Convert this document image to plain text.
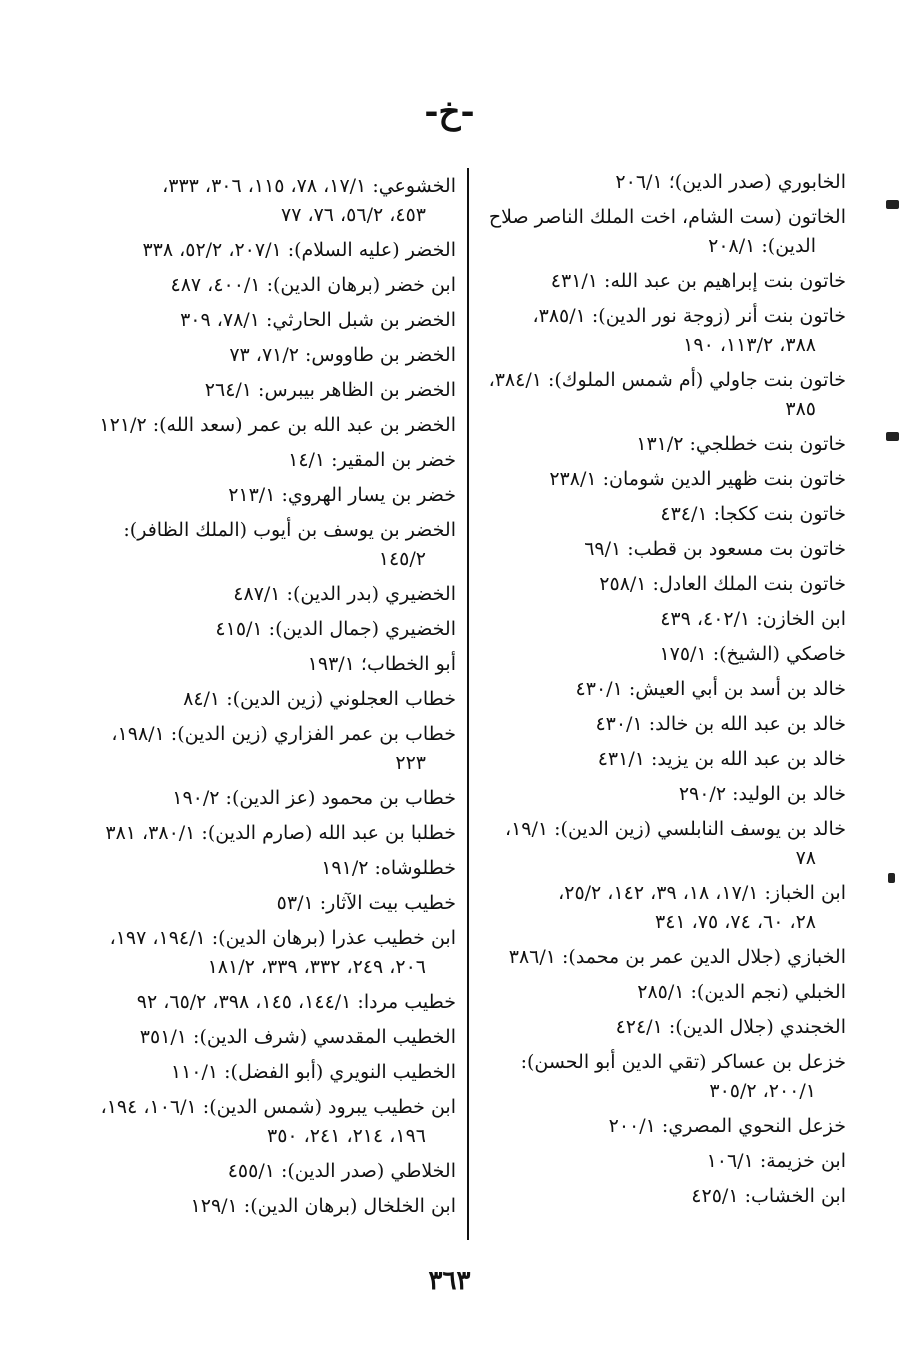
-خ-
الخابوري (صدر الدين)؛ ٢٠٦/١
الخاتون (ست الشام، اخت الملك الناصر صلاح
الدين): ٢٠٨/١
خاتون بنت إبراهيم بن عبد الله: ٤٣١/١
خاتون بنت أنر (زوجة نور الدين): ٣٨٥/١،
٣٨٨، ١١٣/٢، ١٩٠
خاتون بنت جاولي (أم شمس الملوك): ٣٨٤/١،
٣٨٥
خاتون بنت خطلجي: ١٣١/٢
خاتون بنت ظهير الدين شومان: ٢٣٨/١
خاتون بنت ككجا: ٤٣٤/١
خاتون بت مسعود بن قطب: ٦٩/١
خاتون بنت الملك العادل: ٢٥٨/١
ابن الخازن: ٤٠٢/١، ٤٣٩
خاصكي (الشيخ): ١٧٥/١
خالد بن أسد بن أبي العيش: ٤٣٠/١
خالد بن عبد الله بن خالد: ٤٣٠/١
خالد بن عبد الله بن يزيد: ٤٣١/١
خالد بن الوليد: ٢٩٠/٢
خالد بن يوسف النابلسي (زين الدين): ١٩/١،
٧٨
ابن الخباز: ١٧/١، ١٨، ٣٩، ١٤٢، ٢٥/٢،
٢٨، ٦٠، ٧٤، ٧٥، ٣٤١
الخبازي (جلال الدين عمر بن محمد): ٣٨٦/١
الخبلي (نجم الدين): ٢٨٥/١
الخجندي (جلال الدين): ٤٢٤/١
خزعل بن عساكر (تقي الدين أبو الحسن):
٢٠٠/١، ٣٠٥/٢
خزعل النحوي المصري: ٢٠٠/١
ابن خزيمة: ١٠٦/١
ابن الخشاب: ٤٢٥/١
الخشوعي: ١٧/١، ٧٨، ١١٥، ٣٠٦، ٣٣٣،
٤٥٣، ٥٦/٢، ٧٦، ٧٧
الخضر (عليه السلام): ٢٠٧/١، ٥٢/٢، ٣٣٨
ابن خضر (برهان الدين): ٤٠٠/١، ٤٨٧
الخضر بن شبل الحارثي: ٧٨/١، ٣٠٩
الخضر بن طاووس: ٧١/٢، ٧٣
الخضر بن الظاهر بيبرس: ٢٦٤/١
الخضر بن عبد الله بن عمر (سعد الله): ١٢١/٢
خضر بن المقير: ١٤/١
خضر بن يسار الهروي: ٢١٣/١
الخضر بن يوسف بن أيوب (الملك الظافر):
١٤٥/٢
الخضيري (بدر الدين): ٤٨٧/١
الخضيري (جمال الدين): ٤١٥/١
أبو الخطاب؛ ١٩٣/١
خطاب العجلوني (زين الدين): ٨٤/١
خطاب بن عمر الفزاري (زين الدين): ١٩٨/١،
٢٢٣
خطاب بن محمود (عز الدين): ١٩٠/٢
خطلبا بن عبد الله (صارم الدين): ٣٨٠/١، ٣٨١
خطلوشاه: ١٩١/٢
خطيب بيت الآثار: ٥٣/١
ابن خطيب عذرا (برهان الدين): ١٩٤/١، ١٩٧،
٢٠٦، ٢٤٩، ٣٣٢، ٣٣٩، ١٨١/٢
خطيب مردا: ١٤٤/١، ١٤٥، ٣٩٨، ٦٥/٢، ٩٢
الخطيب المقدسي (شرف الدين): ٣٥١/١
الخطيب النويري (أبو الفضل): ١١٠/١
ابن خطيب يبرود (شمس الدين): ١٠٦/١، ١٩٤،
١٩٦، ٢١٤، ٢٤١، ٣٥٠
الخلاطي (صدر الدين): ٤٥٥/١
ابن الخلخال (برهان الدين): ١٢٩/١
٣٦٣
